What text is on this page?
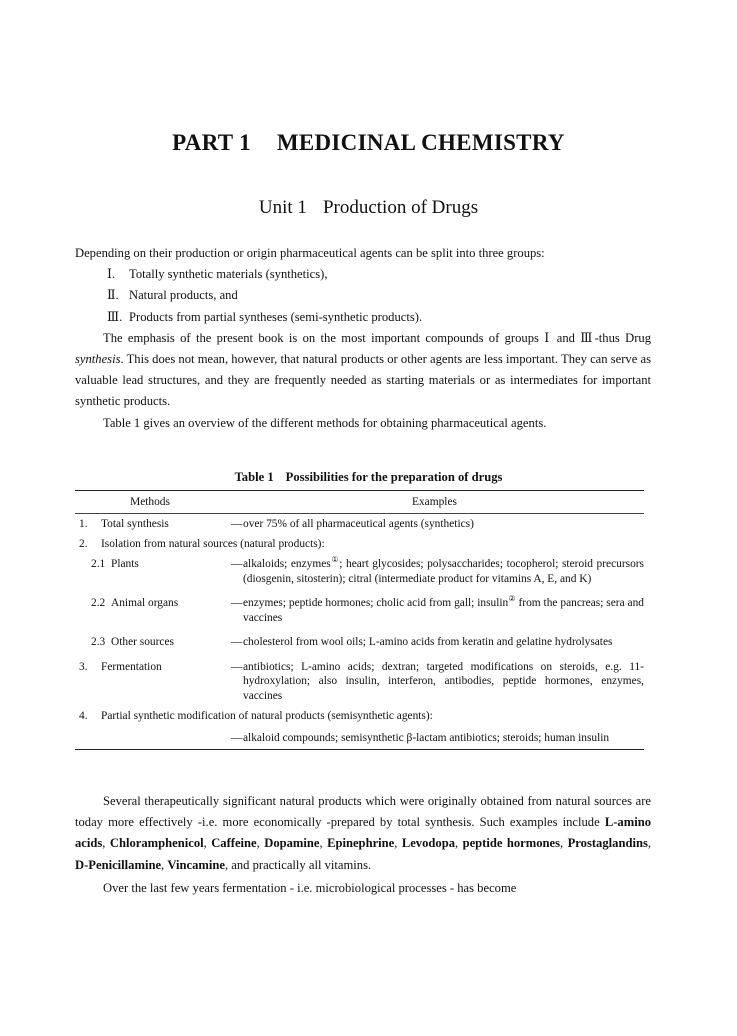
PART 1 MEDICINAL CHEMISTRY
Unit 1 Production of Drugs

Depending on their production or origin pharmaceutical agents can be split into three groups:

Ⅰ. Totally synthetic materials (synthetics),
Ⅱ. Natural products, and
Ⅲ. Products from partial syntheses (semi-synthetic products).

The emphasis of the present book is on the most important compounds of groups Ⅰ and Ⅲ-thus Drug synthesis. This does not mean, however, that natural products or other agents are less important. They can serve as valuable lead structures, and they are frequently needed as starting materials or as intermediates for important synthetic products.

Table 1 gives an overview of the different methods for obtaining pharmaceutical agents.

Table 1 Possibilities for the preparation of drugs
Methods	Examples
1. Total synthesis	— over 75% of all pharmaceutical agents (synthetics)
2. Isolation from natural sources (natural products):
2.1 Plants	— alkaloids; enzymes①; heart glycosides; polysaccharides; tocopherol; steroid precursors (diosgenin, sitosterin); citral (intermediate product for vitamins A, E, and K)
2.2 Animal organs	— enzymes; peptide hormones; cholic acid from gall; insulin② from the pancreas; sera and vaccines
2.3 Other sources	— cholesterol from wool oils; L-amino acids from keratin and gelatine hydrolysates
3. Fermentation	— antibiotics; L-amino acids; dextran; targeted modifications on steroids, e.g. 11-hydroxylation; also insulin, interferon, antibodies, peptide hormones, enzymes, vaccines
4. Partial synthetic modification of natural products (semisynthetic agents):
— alkaloid compounds; semisynthetic β-lactam antibiotics; steroids; human insulin

Several therapeutically significant natural products which were originally obtained from natural sources are today more effectively -i.e. more economically -prepared by total synthesis. Such examples include L-amino acids, Chloramphenicol, Caffeine, Dopamine, Epinephrine, Levodopa, peptide hormones, Prostaglandins, D-Penicillamine, Vincamine, and practically all vitamins.

Over the last few years fermentation - i.e. microbiological processes - has become
